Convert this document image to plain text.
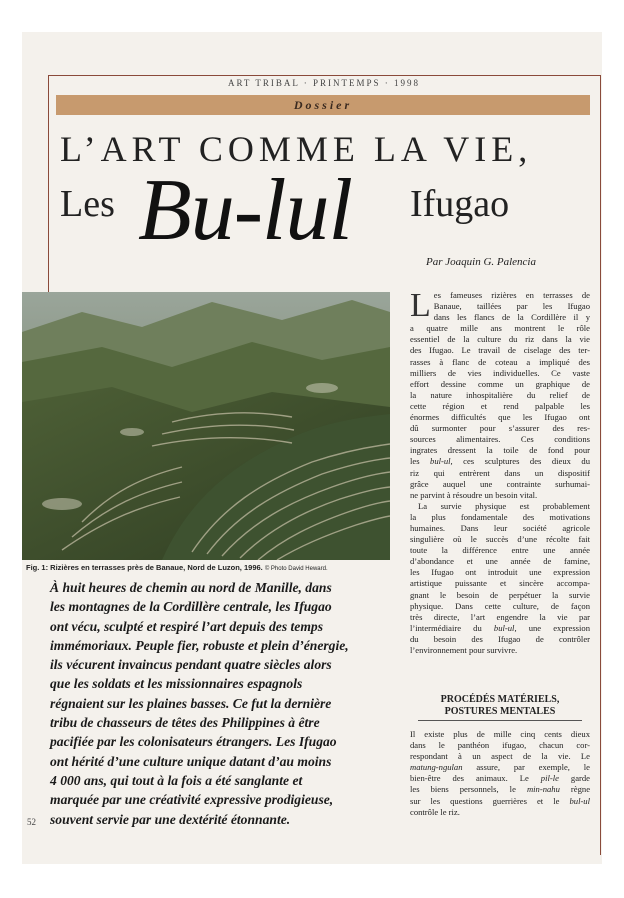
ART TRIBAL · PRINTEMPS · 1998
Dossier
L’ART COMME LA VIE,
Les Bu-lul Ifugao
Par Joaquin G. Palencia
Fig. 1: Rizières en terrasses près de Banaue, Nord de Luzon, 1996. © Photo David Heward.

À huit heures de chemin au nord de Manille, dans

les montagnes de la Cordillère centrale, les Ifugao

ont vécu, sculpté et respiré l’art depuis des temps

immémoriaux. Peuple fier, robuste et plein d’énergie,

ils vécurent invaincus pendant quatre siècles alors

que les soldats et les missionnaires espagnols

régnaient sur les plaines basses. Ce fut la dernière

tribu de chasseurs de têtes des Philippines à être

pacifiée par les colonisateurs étrangers. Les Ifugao

ont hérité d’une culture unique datant d’au moins

4 000 ans, qui tout à la fois a été sanglante et

marquée par une créativité expressive prodigieuse,

souvent servie par une dextérité étonnante.

52
L es fameuses rizières en terrasses de
Banaue, taillées par les Ifugao
dans les flancs de la Cordillère il y
a quatre mille ans montrent le rôle
essentiel de la culture du riz dans la vie
des Ifugao. Le travail de ciselage des ter-
rasses à flanc de coteau a impliqué des
milliers de vies individuelles. Ce vaste
effort dessine comme un graphique de
la nature inhospitalière du relief de
cette région et rend palpable les
énormes difficultés que les Ifugao ont
dû surmonter pour s’assurer des res-
sources alimentaires. Ces conditions
ingrates dressent la toile de fond pour
les bul-ul, ces sculptures des dieux du
riz qui entrèrent dans un dispositif
grâce auquel une contrainte surhumai-
ne parvint à résoudre un besoin vital.
La survie physique est probablement
la plus fondamentale des motivations
humaines. Dans leur société agricole
singulière où le succès d’une récolte fait
toute la différence entre une année
d’abondance et une année de famine,
les Ifugao ont introduit une expression
artistique puissante et sincère accompa-
gnant le besoin de perpétuer la survie
physique. Dans cette culture, de façon
très directe, l’art engendre la vie par
l’intermédiaire du bul-ul, une expression
du besoin des Ifugao de contrôler
l’environnement pour survivre.
PROCÉDÉS MATÉRIELS,
POSTURES MENTALES
Il existe plus de mille cinq cents dieux
dans le panthéon ifugao, chacun cor-
respondant à un aspect de la vie. Le
matung-ngulan assure, par exemple, le
bien-être des animaux. Le pil-le garde
les biens personnels, le min-nahu règne
sur les questions guerrières et le bul-ul
contrôle le riz.
